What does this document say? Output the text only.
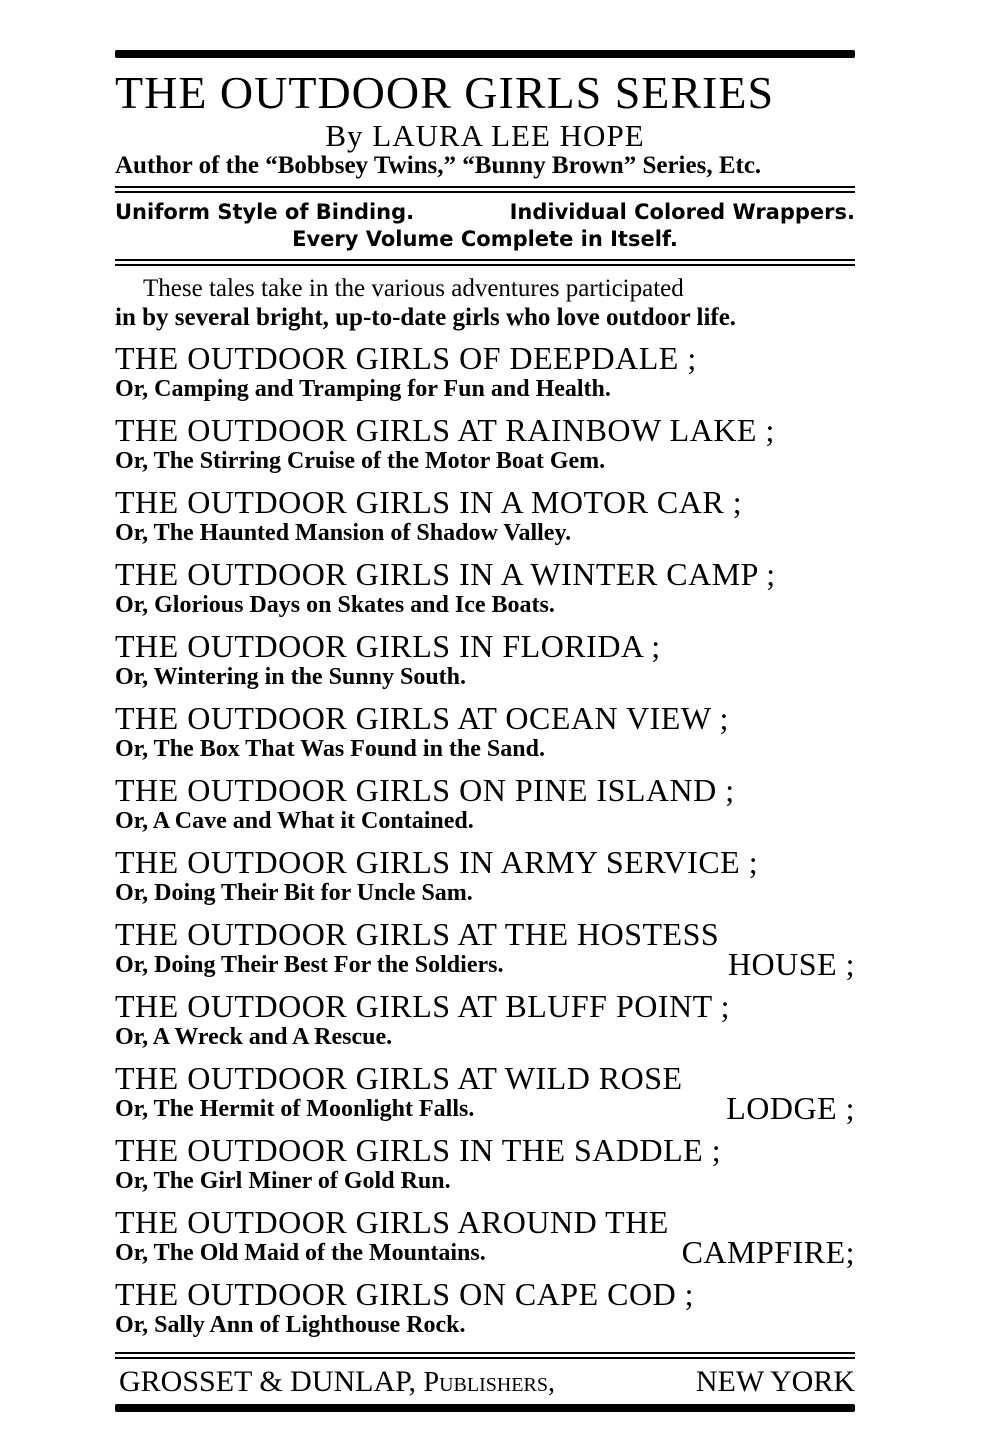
THE OUTDOOR GIRLS SERIES
By LAURA LEE HOPE
Author of the “Bobbsey Twins,” “Bunny Brown” Series, Etc.
Uniform Style of Binding.	Individual Colored Wrappers.
Every Volume Complete in Itself.
These tales take in the various adventures participated
in by several bright, up-to-date girls who love outdoor life.
THE OUTDOOR GIRLS OF DEEPDALE ;
Or, Camping and Tramping for Fun and Health.
THE OUTDOOR GIRLS AT RAINBOW LAKE ;
Or, The Stirring Cruise of the Motor Boat Gem.
THE OUTDOOR GIRLS IN A MOTOR CAR ;
Or, The Haunted Mansion of Shadow Valley.
THE OUTDOOR GIRLS IN A WINTER CAMP ;
Or, Glorious Days on Skates and Ice Boats.
THE OUTDOOR GIRLS IN FLORIDA ;
Or, Wintering in the Sunny South.
THE OUTDOOR GIRLS AT OCEAN VIEW ;
Or, The Box That Was Found in the Sand.
THE OUTDOOR GIRLS ON PINE ISLAND ;
Or, A Cave and What it Contained.
THE OUTDOOR GIRLS IN ARMY SERVICE ;
Or, Doing Their Bit for Uncle Sam.
THE OUTDOOR GIRLS AT THE HOSTESS
Or, Doing Their Best For the Soldiers.	HOUSE ;
THE OUTDOOR GIRLS AT BLUFF POINT ;
Or, A Wreck and A Rescue.
THE OUTDOOR GIRLS AT WILD ROSE
Or, The Hermit of Moonlight Falls.	LODGE ;
THE OUTDOOR GIRLS IN THE SADDLE ;
Or, The Girl Miner of Gold Run.
THE OUTDOOR GIRLS AROUND THE
Or, The Old Maid of the Mountains.	CAMPFIRE;
THE OUTDOOR GIRLS ON CAPE COD ;
Or, Sally Ann of Lighthouse Rock.
GROSSET & DUNLAP, Publishers,	NEW YORK
